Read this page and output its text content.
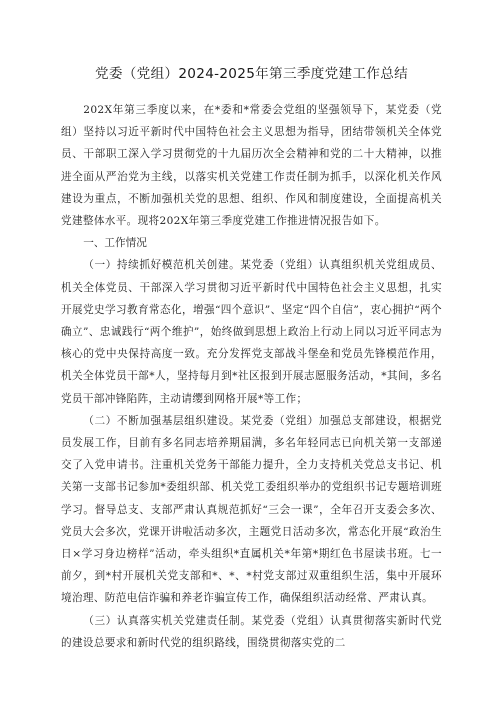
党委（党组）2024-2025年第三季度党建工作总结

202X年第三季度以来，在*委和*常委会党组的坚强领导下，某党委（党组）坚持以习近平新时代中国特色社会主义思想为指导，团结带领机关全体党员、干部职工深入学习贯彻党的十九届历次全会精神和党的二十大精神，以推进全面从严治党为主线，以落实机关党建工作责任制为抓手，以深化机关作风建设为重点，不断加强机关党的思想、组织、作风和制度建设，全面提高机关党建整体水平。现将202X年第三季度党建工作推进情况报告如下。

一、工作情况

（一）持续抓好模范机关创建。某党委（党组）认真组织机关党组成员、机关全体党员、干部深入学习贯彻习近平新时代中国特色社会主义思想，扎实开展党史学习教育常态化，增强“四个意识”、坚定“四个自信”，衷心拥护“两个确立”、忠诚践行“两个维护”，始终做到思想上政治上行动上同以习近平同志为核心的党中央保持高度一致。充分发挥党支部战斗堡垒和党员先锋模范作用，机关全体党员干部*人，坚持每月到*社区报到开展志愿服务活动，*其间，多名党员干部冲锋陷阵，主动请缨到网格开展*等工作；

（二）不断加强基层组织建设。某党委（党组）加强总支部建设，根据党员发展工作，目前有多名同志培养期届满，多名年轻同志已向机关第一支部递交了入党申请书。注重机关党务干部能力提升，全力支持机关党总支书记、机关第一支部书记参加*委组织部、机关党工委组织举办的党组织书记专题培训班学习。督导总支、支部严肃认真规范抓好“三会一课”，全年召开支委会多次、党员大会多次，党课开讲啦活动多次，主题党日活动多次，常态化开展“政治生日×学习身边榜样”活动，牵头组织*直属机关*年第*期红色书屋读书班。七一前夕，到*村开展机关党支部和*、*、*村党支部过双重组织生活，集中开展环境治理、防范电信诈骗和养老诈骗宣传工作，确保组织活动经常、严肃认真。

（三）认真落实机关党建责任制。某党委（党组）认真贯彻落实新时代党的建设总要求和新时代党的组织路线，围绕贯彻落实党的二
